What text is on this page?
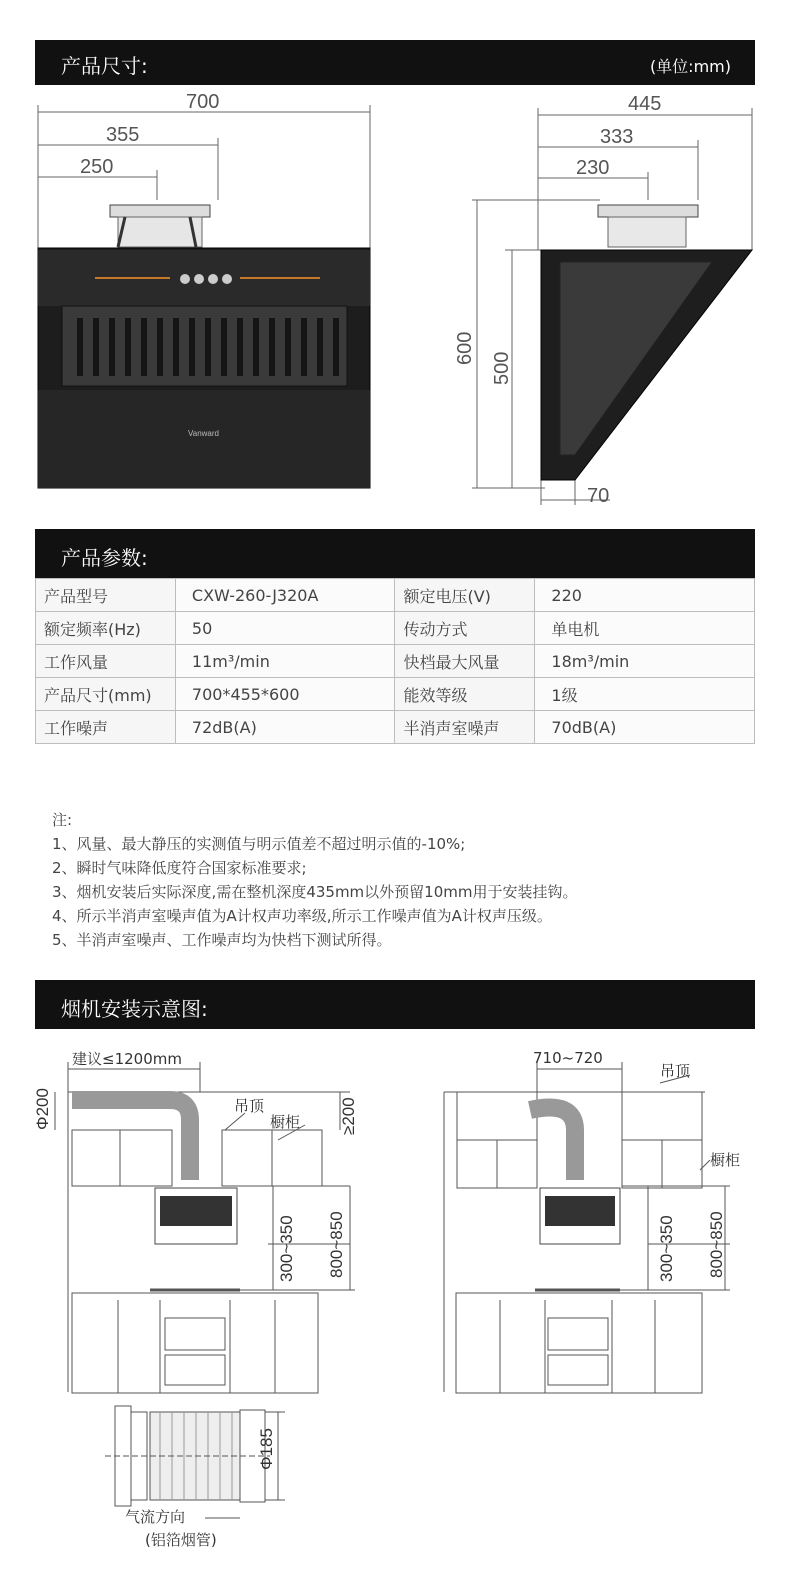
产品尺寸:	(单位:mm)
700
355
250
Vanward
445
333
230
600
500
70
产品参数:
产品型号	CXW-260-J320A	额定电压(V)	220
额定频率(Hz)	50	传动方式	单电机
工作风量	11m³/min	快档最大风量	18m³/min
产品尺寸(mm)	700*455*600	能效等级	1级
工作噪声	72dB(A)	半消声室噪声	70dB(A)
注:
1、风量、最大静压的实测值与明示值差不超过明示值的-10%;
2、瞬时气味降低度符合国家标准要求;
3、烟机安装后实际深度,需在整机深度435mm以外预留10mm用于安装挂钩。
4、所示半消声室噪声值为A计权声功率级,所示工作噪声值为A计权声压级。
5、半消声室噪声、工作噪声均为快档下测试所得。
烟机安装示意图:
建议≤1200mm
Φ200	吊顶
橱柜 ≥200
300~350 800~850
710~720
吊顶
橱柜
300~350 800~850
Φ185
气流方向
(铝箔烟管)
